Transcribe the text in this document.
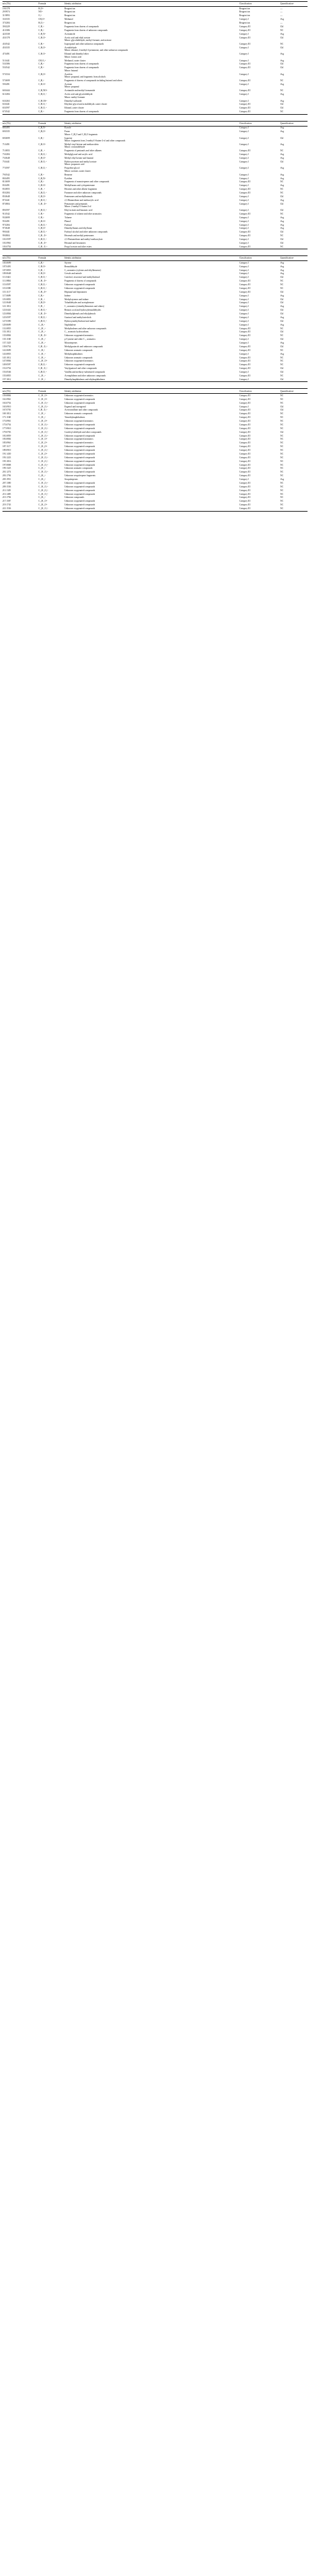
m/z (Th)	Formula	Identity attribution	Classification	Quantificationᵃ
19.0178	H₃O⁺	Reagent ion	Reagent ion	—
29.9974	NO⁺	Reagent ion	Reagent ion	—
31.9893	O₂⁺	Reagent ion	Reagent ion	—
33.0335	CH₅O⁺	Methanol	Category I	Avg
37.0284	H₅O₂⁺	Reagent ion	Reagent ion	—
39.0229	C₃H₃⁺	Fragments from dozens of compounds	Category III	Chl
41.0386	C₃H₅⁺	Fragments from dozens of unknown compounds	Category III	NC
42.0338	C₂H₄N⁺	Acetonitrile	Category I	Avg
43.0178	C₂H₃O⁺	Acetic acid and ethyl acetate
Minor: glycolaldehyde, methyl formate, and acetone	Category III	Chl
43.0542	C₃H₇⁺	Isopropanol and other unknown compounds	Category III	NC
45.0335	C₂H₅O⁺	Acetaldehyde
Minor: ethanol, 2-methyl-2-pentanone, and other unknown compounds	Category I	Chl
47.0491	C₂H₇O⁺	Ethanol and dimethyl ether
Minor: formic acid	Category I	Avg
51.0441	CH₇O₂⁺	Methanol–water cluster	Category I	Avg
53.0386	C₄H₅⁺	Fragments from dozens of compounds	Category III	Chl
55.0542	C₄H₇⁺	Fragments from dozens of compounds
Minor: butanal	Category III	Chl
57.0334	C₃H₅O⁺	Acrolein
Minor: propanal, and fragments from alcohols	Category I	Avg
57.0699	C₄H₉⁺	Fragments of dozens of compounds including butanol and others	Category III	NC
59.0491	C₃H₇O⁺	Acetone
Minor: propanal	Category I	Avg
60.0444	C₂H₆NO⁺	Acetamide and methyl formamide	Category III	NC
61.0284	C₂H₅O₂⁺	Acetic acid and glycolaldehyde
Minor: methyl formate	Category I	Avg
63.0263	C₂H₇OS⁺	Dimethyl sulfoxide	Category I	Avg
63.0441	C₂H₇O₂⁺	Ethylene glycol and acetaldehyde–water cluster	Category III	Chl
65.0597	C₂H₉O₂⁺	Ethanol–water cluster	Category III	Chl
67.0542	C₅H₇⁺	Fragments from dozens of compounds	Category III	NC
m/z (Th)	Formula	Identity attribution	Classification	Quantificationᵃ
68.0495	C₄H₆N⁺	Pyrrole	Category I	Avg
69.0335	C₄H₅O⁺	Furan
Minor: C₄H₄O and C₅H₈O fragments	Category I	Avg
69.0699	C₅H₉⁺	Isoprene
Minor: fragments from 2-methyl-3-buten-2-ol and other compounds	Category I	Chl
71.0491	C₄H₇O⁺	Methyl vinyl ketone and methacrolein
Minor: crotonaldehyde	Category I	Avg
71.0855	C₅H₁₁⁺	Fragments of pentanols and other alkanes	Category III	NC
73.0284	C₃H₅O₂⁺	Methylglyoxal and acrylic acid	Category I	Avg
73.0648	C₄H₉O⁺	Methyl ethyl ketone and butanal	Category I	Avg
75.0441	C₃H₇O₂⁺	Hydroxyacetone and methyl acetate
Minor: propanoic acid	Category I	Chl
77.0597	C₃H₉O₂⁺	Propylene glycol
Minor: acetone–water cluster	Category I	Avg
79.0542	C₆H₇⁺	Benzene	Category I	Avg
80.0495	C₅H₆N⁺	Pyridine	Category I	Avg
81.0699	C₆H₉⁺	Fragments of monoterpenes and other compounds	Category III	NC
83.0491	C₅H₇O⁺	Methylfurans and cyclopentenone	Category I	Avg
83.0855	C₆H₁₁⁺	Hexenes and other alkene fragments	Category III	NC
85.0284	C₄H₅O₂⁺	Furanone and other unknown compounds	Category III	NC
85.0648	C₅H₉O⁺	Pentenones and methylbutenals	Category I	Chl
87.0441	C₄H₇O₂⁺	2,3-Butanedione and methacrylic acid	Category I	Avg
87.0804	C₅H₁₁O⁺	Pentanones and pentanals
Minor: 2-methyl-3-buten-2-ol	Category I	Chl
89.0597	C₄H₉O₂⁺	Ethyl acetate and butanoic acid	Category I	Chl
91.0542	C₇H₇⁺	Fragments of toluene and other aromatics	Category III	NC
93.0699	C₇H₉⁺	Toluene	Category I	Avg
95.0491	C₆H₇O⁺	Phenol	Category I	Avg
97.0284	C₅H₅O₂⁺	Furfural	Category I	Avg
97.0648	C₆H₉O⁺	Dimethylfurans and ethylfuran	Category I	Avg
99.0441	C₅H₇O₂⁺	Furfuryl alcohol and other unknown compounds	Category III	Chl
99.0804	C₆H₁₁O⁺	Hexenals and methyl pentenones	Category III	NC
101.0597	C₅H₉O₂⁺	2,3-Pentanedione and methyl methacrylate	Category I	Chl
101.0961	C₆H₁₃O⁺	Hexanal and hexanones	Category I	Chl
103.0754	C₅H₁₁O₂⁺	Propyl acetate and other esters	Category III	NC
m/z (Th)	Formula	Identity attribution	Classification	Quantificationᵃ
105.0699	C₈H₉⁺	Styrene	Category I	Avg
107.0491	C₇H₇O⁺	Benzaldehyde	Category I	Avg
107.0855	C₈H₁₁⁺	C₈ aromatics (xylenes and ethylbenzene)	Category I	Avg
109.0648	C₇H₉O⁺	Cresols and anisole	Category I	Avg
111.0441	C₆H₇O₂⁺	Catechol, resorcinol and methylfurfural	Category I	Chl
111.0804	C₇H₁₁O⁺	Fragments of dozens of compounds	Category III	NC
113.0597	C₆H₉O₂⁺	Unknown oxygenated compounds	Category III	NC
115.0390	C₅H₇O₃⁺	Unknown oxygenated compounds	Category III	NC
115.1117	C₇H₁₅O⁺	Heptanal and heptanones	Category III	Chl
117.0699	C₉H₉⁺	Indene	Category I	Avg
119.0855	C₉H₁₁⁺	Methylstyrenes and indane	Category I	Chl
121.0648	C₈H₉O⁺	Tolualdehydes and acetophenone	Category I	Chl
121.1012	C₉H₁₃⁺	C₉ aromatics (trimethylbenzenes and others)	Category I	Avg
123.0441	C₇H₇O₂⁺	Benzoic acid and hydroxybenzaldehydes	Category I	Chl
123.0804	C₈H₁₁O⁺	Dimethylphenols and ethylphenols	Category I	Chl
125.0597	C₇H₉O₂⁺	Guaiacol and methylcatechols	Category I	Avg
127.0390	C₆H₇O₃⁺	Hydroxymethylfurfural and maltol	Category I	Chl
129.0699	C₁₀H₉⁺	Naphthalene	Category I	Avg
131.0855	C₁₀H₁₁⁺	Methylindenes and other unknown compounds	Category III	NC
133.1012	C₁₀H₁₃⁺	C₁₀ aromatic hydrocarbons	Category III	Chl
135.0804	C₉H₁₁O⁺	Unknown oxygenated aromatics	Category III	NC
135.1168	C₁₀H₁₅⁺	p-Cymene and other C₁₀ aromatics	Category I	Chl
137.1325	C₁₀H₁₇⁺	Monoterpenes	Category I	Avg
139.0754	C₈H₁₁O₂⁺	Methylguaiacols and unknown compounds	Category III	Chl
141.0699	C₁₁H₉⁺	Unknown aromatic compounds	Category III	NC
143.0855	C₁₁H₁₁⁺	Methylnaphthalenes	Category I	Avg
145.1012	C₁₁H₁₃⁺	Unknown aromatic compounds	Category III	NC
147.0804	C₁₀H₁₁O⁺	Unknown oxygenated aromatics	Category III	NC
149.0597	C₉H₉O₂⁺	Unknown oxygenated compounds	Category III	NC
151.0754	C₉H₁₁O₂⁺	Vinylguaiacol and other compounds	Category III	Chl
153.0546	C₈H₉O₃⁺	Vanillin and methoxy-substituted compounds	Category I	Chl
155.0855	C₁₂H₁₁⁺	Acenaphthene and other unknown compounds	Category III	NC
157.1012	C₁₂H₁₃⁺	Dimethylnaphthalenes and ethylnaphthalenes	Category I	Chl
m/z (Th)	Formula	Identity attribution	Classification	Quantificationᵃ
159.0804	C₁₁H₁₁O⁺	Unknown oxygenated aromatics	Category III	NC
161.0961	C₁₁H₁₃O⁺	Unknown oxygenated compounds	Category III	NC
163.0754	C₁₀H₁₁O₂⁺	Unknown oxygenated compounds	Category III	NC
165.0910	C₁₀H₁₃O₂⁺	Eugenol and isoeugenol	Category I	Chl
167.0703	C₉H₁₁O₃⁺	Acetovanillone and other compounds	Category III	Chl
169.1012	C₁₃H₁₃⁺	Unknown aromatic compounds	Category III	NC
171.1168	C₁₃H₁₅⁺	Trimethylnaphthalenes	Category III	NC
173.0961	C₁₂H₁₃O⁺	Unknown oxygenated aromatics	Category III	NC
175.0754	C₁₁H₁₁O₂⁺	Unknown oxygenated compounds	Category III	NC
177.0910	C₁₁H₁₃O₂⁺	Unknown oxygenated compounds	Category III	NC
179.0703	C₁₀H₁₁O₃⁺	Coniferyl aldehyde and other compounds	Category III	Chl
181.0859	C₁₀H₁₃O₃⁺	Unknown oxygenated compounds	Category III	NC
183.0804	C₁₃H₁₁O⁺	Unknown oxygenated aromatics	Category III	NC
185.0961	C₁₃H₁₃O⁺	Unknown oxygenated aromatics	Category III	NC
187.1117	C₁₃H₁₅O⁺	Unknown oxygenated compounds	Category III	NC
189.0910	C₁₂H₁₃O₂⁺	Unknown oxygenated compounds	Category III	NC
191.1430	C₁₃H₁₉O⁺	Unknown oxygenated compounds	Category III	NC
193.1223	C₁₂H₁₇O₂⁺	Unknown oxygenated compounds	Category III	NC
195.1016	C₁₁H₁₅O₃⁺	Unknown oxygenated compounds	Category III	NC
197.0808	C₁₀H₁₃O₄⁺	Unknown oxygenated compounds	Category III	NC
199.1325	C₁₅H₁₉⁺	Unknown aromatic compounds	Category III	NC
201.1274	C₁₁H₁₇O₂⁺	Unknown oxygenated compounds	Category III	NC
203.1794	C₁₅H₂₃⁺	Unknown sesquiterpene fragments	Category III	NC
205.1951	C₁₅H₂₅⁺	Sesquiterpenes	Category I	Avg
207.1380	C₁₁H₁₉O₃⁺	Unknown oxygenated compounds	Category III	NC
209.1536	C₁₁H₂₁O₃⁺	Unknown oxygenated compounds	Category III	NC
211.1329	C₁₀H₁₉O₄⁺	Unknown oxygenated compounds	Category III	NC
213.1485	C₁₀H₂₁O₄⁺	Unknown oxygenated compounds	Category III	NC
215.1794	C₁₆H₂₃⁺	Unknown compounds	Category III	NC
217.1587	C₁₅H₂₁O⁺	Unknown oxygenated compounds	Category III	NC
219.1743	C₁₅H₂₃O⁺	Unknown oxygenated compounds	Category III	NC
221.1536	C₁₄H₂₁O₂⁺	Unknown oxygenated compounds	Category III	NC
